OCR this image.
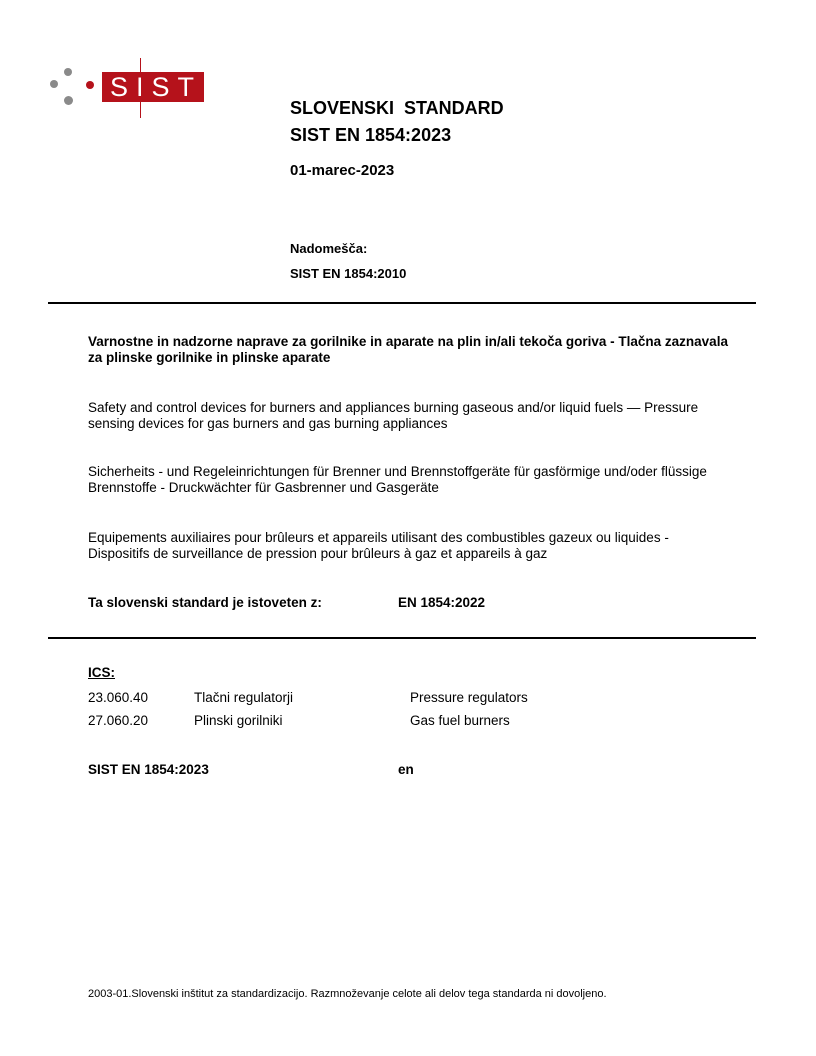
SIST
SLOVENSKI  STANDARD
SIST EN 1854:2023
01-marec-2023
Nadomešča:
SIST EN 1854:2010
Varnostne in nadzorne naprave za gorilnike in aparate na plin in/ali tekoča goriva - Tlačna zaznavala za plinske gorilnike in plinske aparate
Safety and control devices for burners and appliances burning gaseous and/or liquid fuels — Pressure sensing devices for gas burners and gas burning appliances
Sicherheits - und Regeleinrichtungen für Brenner und Brennstoffgeräte für gasförmige und/oder flüssige Brennstoffe - Druckwächter für Gasbrenner und Gasgeräte
Equipements auxiliaires pour brûleurs et appareils utilisant des combustibles gazeux ou liquides - Dispositifs de surveillance de pression pour brûleurs à gaz et appareils à gaz
Ta slovenski standard je istoveten z:	EN 1854:2022
ICS:
23.060.40	Tlačni regulatorji	Pressure regulators
27.060.20	Plinski gorilniki	Gas fuel burners
SIST EN 1854:2023	en
2003-01.Slovenski inštitut za standardizacijo. Razmnoževanje celote ali delov tega standarda ni dovoljeno.
